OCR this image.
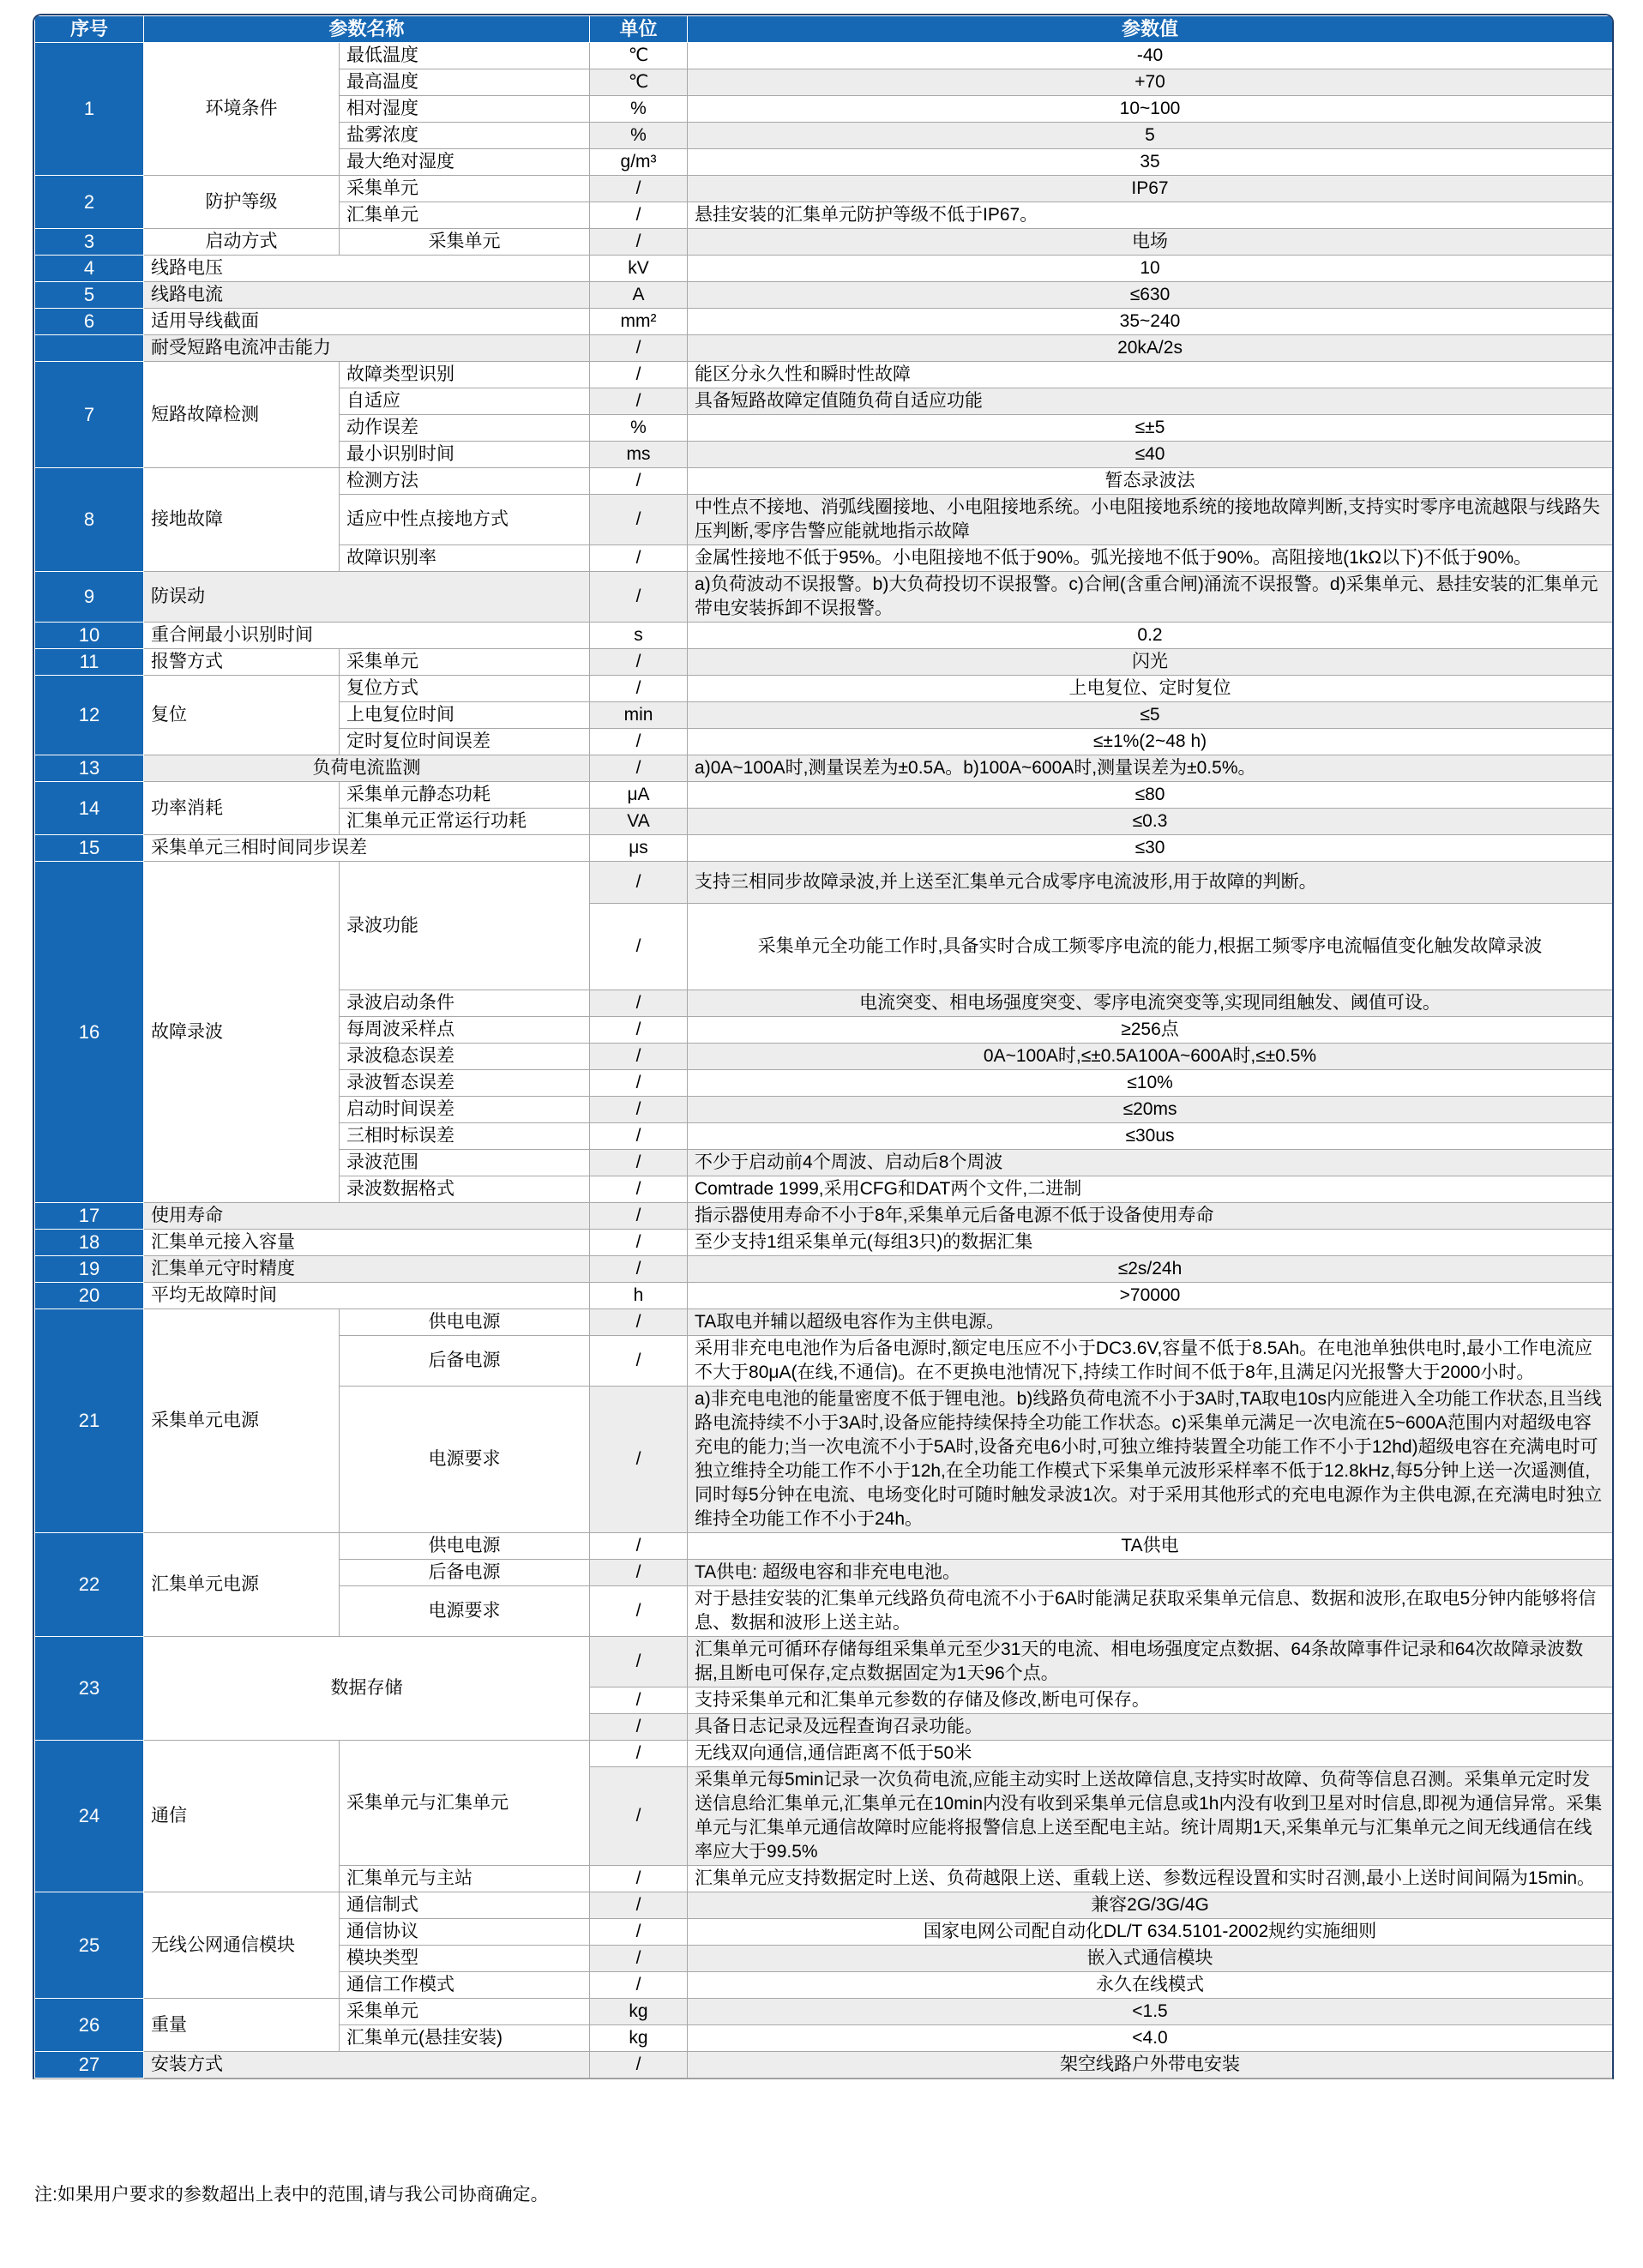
序号	参数名称		单位	参数值
1	环境条件	最低温度	℃	-40
		最高温度	℃	+70
		相对湿度	%	10~100
		盐雾浓度	%	5
		最大绝对湿度	g/m³	35
2	防护等级	采集单元	/	IP67
		汇集单元	/	悬挂安装的汇集单元防护等级不低于IP67。
3	启动方式	采集单元	/	电场
4	线路电压		kV	10
5	线路电流		A	≤630
6	适用导线截面		mm²	35~240
	耐受短路电流冲击能力		/	20kA/2s
7	短路故障检测	故障类型识别	/	能区分永久性和瞬时性故障
		自适应	/	具备短路故障定值随负荷自适应功能
		动作误差	%	≤±5
		最小识别时间	ms	≤40
8	接地故障	检测方法	/	暂态录波法
		适应中性点接地方式	/	中性点不接地、消弧线圈接地、小电阻接地系统。小电阻接地系统的接地故障判断,支持实时零序电流越限与线路失压判断,零序告警应能就地指示故障
		故障识别率	/	金属性接地不低于95%。小电阻接地不低于90%。弧光接地不低于90%。高阻接地(1kΩ以下)不低于90%。
9	防误动		/	a)负荷波动不误报警。b)大负荷投切不误报警。c)合闸(含重合闸)涌流不误报警。d)采集单元、悬挂安装的汇集单元带电安装拆卸不误报警。
10	重合闸最小识别时间		s	0.2
11	报警方式	采集单元	/	闪光
12	复位	复位方式	/	上电复位、定时复位
		上电复位时间	min	≤5
		定时复位时间误差	/	≤±1%(2~48 h)
13	负荷电流监测		/	a)0A~100A时,测量误差为±0.5A。b)100A~600A时,测量误差为±0.5%。
14	功率消耗	采集单元静态功耗	μA	≤80
		汇集单元正常运行功耗	VA	≤0.3
15	采集单元三相时间同步误差		μs	≤30
16	故障录波	录波功能	/	支持三相同步故障录波,并上送至汇集单元合成零序电流波形,用于故障的判断。
			/	采集单元全功能工作时,具备实时合成工频零序电流的能力,根据工频零序电流幅值变化触发故障录波
		录波启动条件	/	电流突变、相电场强度突变、零序电流突变等,实现同组触发、阈值可设。
		每周波采样点	/	≥256点
		录波稳态误差	/	0A~100A时,≤±0.5A100A~600A时,≤±0.5%
		录波暂态误差	/	≤10%
		启动时间误差	/	≤20ms
		三相时标误差	/	≤30us
		录波范围	/	不少于启动前4个周波、启动后8个周波
		录波数据格式	/	Comtrade 1999,采用CFG和DAT两个文件,二进制
17	使用寿命		/	指示器使用寿命不小于8年,采集单元后备电源不低于设备使用寿命
18	汇集单元接入容量		/	至少支持1组采集单元(每组3只)的数据汇集
19	汇集单元守时精度		/	≤2s/24h
20	平均无故障时间		h	>70000
21	采集单元电源	供电电源	/	TA取电并辅以超级电容作为主供电源。
		后备电源	/	采用非充电电池作为后备电源时,额定电压应不小于DC3.6V,容量不低于8.5Ah。在电池单独供电时,最小工作电流应不大于80μA(在线,不通信)。在不更换电池情况下,持续工作时间不低于8年,且满足闪光报警大于2000小时。
		电源要求	/	a)非充电电池的能量密度不低于锂电池。b)线路负荷电流不小于3A时,TA取电10s内应能进入全功能工作状态,且当线路电流持续不小于3A时,设备应能持续保持全功能工作状态。c)采集单元满足一次电流在5~600A范围内对超级电容充电的能力;当一次电流不小于5A时,设备充电6小时,可独立维持装置全功能工作不小于12hd)超级电容在充满电时可独立维持全功能工作不小于12h,在全功能工作模式下采集单元波形采样率不低于12.8kHz,每5分钟上送一次遥测值,同时每5分钟在电流、电场变化时可随时触发录波1次。对于采用其他形式的充电电源作为主供电源,在充满电时独立维持全功能工作不小于24h。
22	汇集单元电源	供电电源	/	TA供电
		后备电源	/	TA供电: 超级电容和非充电电池。
		电源要求	/	对于悬挂安装的汇集单元线路负荷电流不小于6A时能满足获取采集单元信息、数据和波形,在取电5分钟内能够将信息、数据和波形上送主站。
23	数据存储		/	汇集单元可循环存储每组采集单元至少31天的电流、相电场强度定点数据、64条故障事件记录和64次故障录波数据,且断电可保存,定点数据固定为1天96个点。
			/	支持采集单元和汇集单元参数的存储及修改,断电可保存。
			/	具备日志记录及远程查询召录功能。
24	通信	采集单元与汇集单元	/	无线双向通信,通信距离不低于50米
			/	采集单元每5min记录一次负荷电流,应能主动实时上送故障信息,支持实时故障、负荷等信息召测。采集单元定时发送信息给汇集单元,汇集单元在10min内没有收到采集单元信息或1h内没有收到卫星对时信息,即视为通信异常。采集单元与汇集单元通信故障时应能将报警信息上送至配电主站。统计周期1天,采集单元与汇集单元之间无线通信在线率应大于99.5%
		汇集单元与主站	/	汇集单元应支持数据定时上送、负荷越限上送、重载上送、参数远程设置和实时召测,最小上送时间间隔为15min。
25	无线公网通信模块	通信制式	/	兼容2G/3G/4G
		通信协议	/	国家电网公司配自动化DL/T 634.5101-2002规约实施细则
		模块类型	/	嵌入式通信模块
		通信工作模式	/	永久在线模式
26	重量	采集单元	kg	<1.5
		汇集单元(悬挂安装)	kg	<4.0
27	安装方式		/	架空线路户外带电安装

注:如果用户要求的参数超出上表中的范围,请与我公司协商确定。
